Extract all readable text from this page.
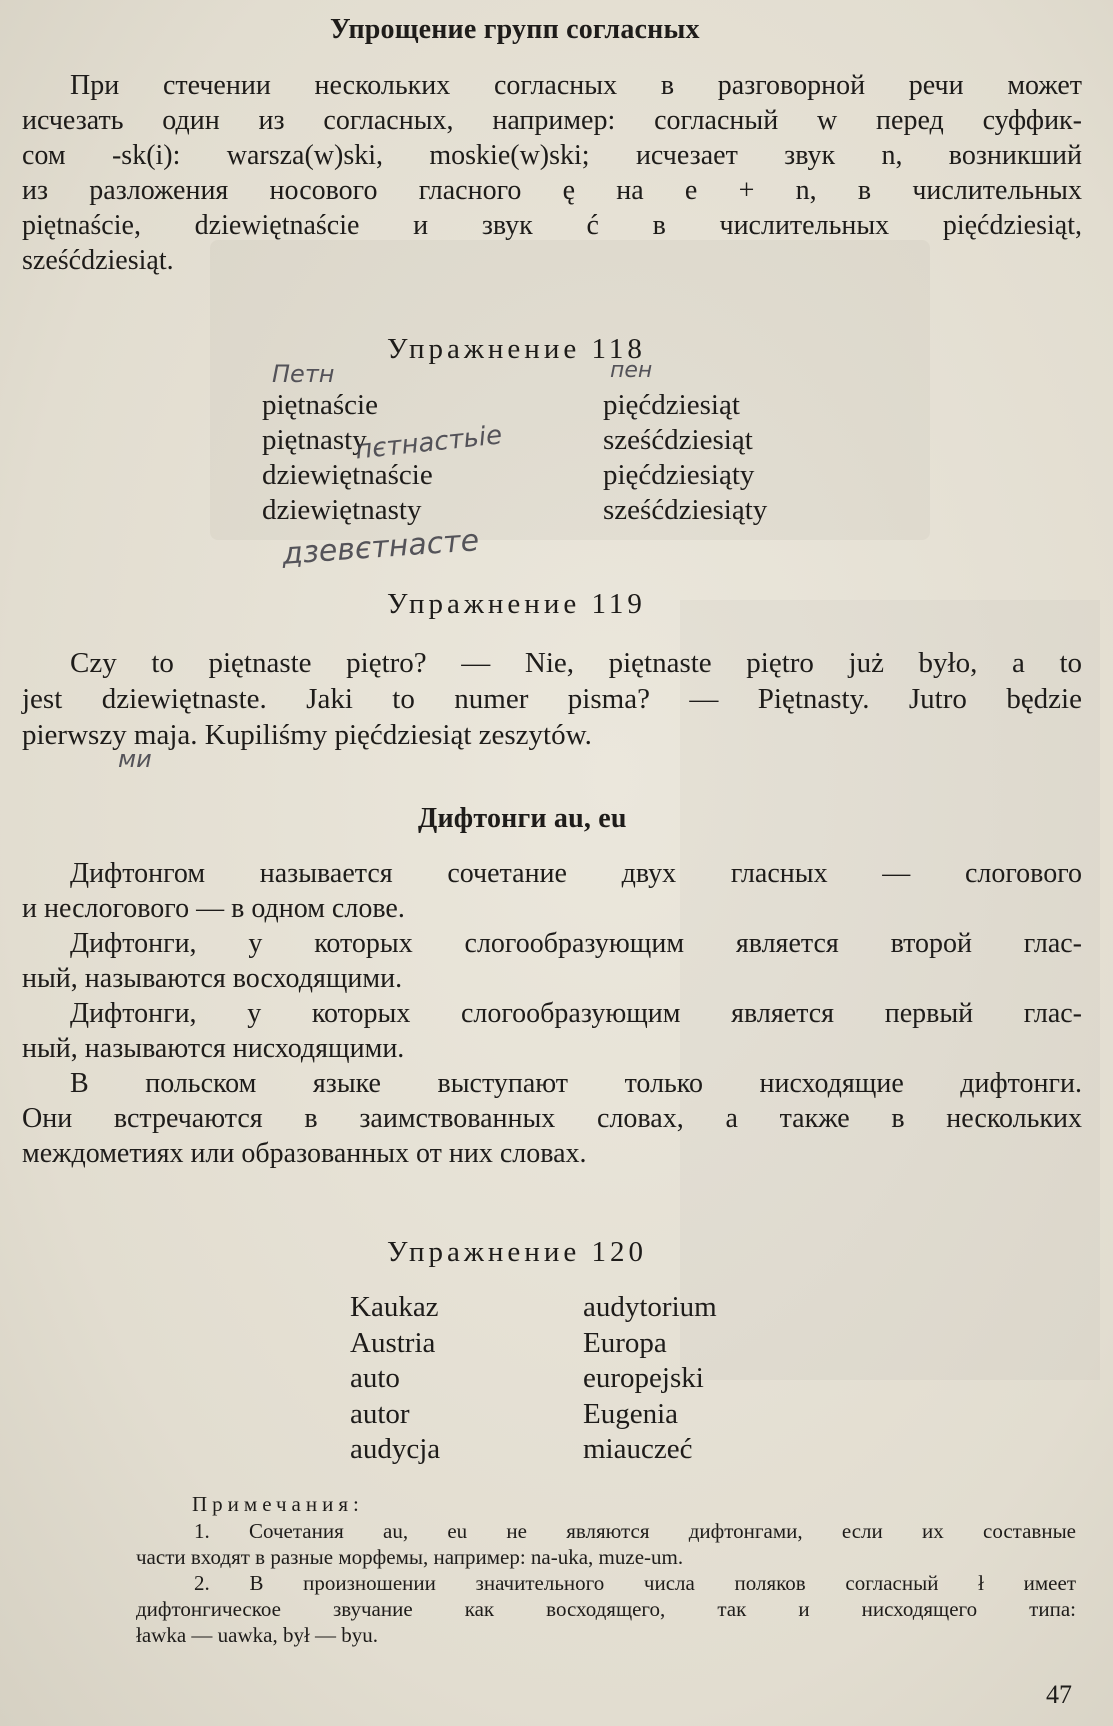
Упрощение групп согласных
При стечении нескольких согласных в разговорной речи может
исчезать один из согласных, например: согласный w перед суффик-
сом -sk(i): warsza(w)ski, moskie(w)ski; исчезает звук n, возникший
из разложения носового гласного ę на e + n, в числительных
piętnaście, dziewiętnaście и звук ć в числительных pięćdziesiąt,
sześćdziesiąt.
Упражнение 118
Петн	пен
piętnaście
piętnasty
dziewiętnaście
dziewiętnasty
pięćdziesiąt
sześćdziesiąt
pięćdziesiąty
sześćdziesiąty
пєтнастьіе
дзевєтнасте
Упражнение 119
Czy to piętnaste piętro? — Nie, piętnaste piętro już było, a to
jest dziewiętnaste. Jaki to numer pisma? — Piętnasty. Jutro będzie
pierwszy maja. Kupiliśmy pięćdziesiąt zeszytów.
ми
Дифтонги au, eu
Дифтонгом называется сочетание двух гласных — слогового
и неслогового — в одном слове.
Дифтонги, у которых слогообразующим является второй глас-
ный, называются восходящими.
Дифтонги, у которых слогообразующим является первый глас-
ный, называются нисходящими.
В польском языке выступают только нисходящие дифтонги.
Они встречаются в заимствованных словах, а также в нескольких
междометиях или образованных от них словах.
Упражнение 120
Kaukaz
Austria
auto
autor
audycja
audytorium
Europa
europejski
Eugenia
miauczeć
Примечания:
1. Сочетания au, eu не являются дифтонгами, если их составные
части входят в разные морфемы, например: na-uka, muze-um.
2. В произношении значительного числа поляков согласный ł имеет
дифтонгическое звучание как восходящего, так и нисходящего типа:
ławka — uawka, był — byu.
47
